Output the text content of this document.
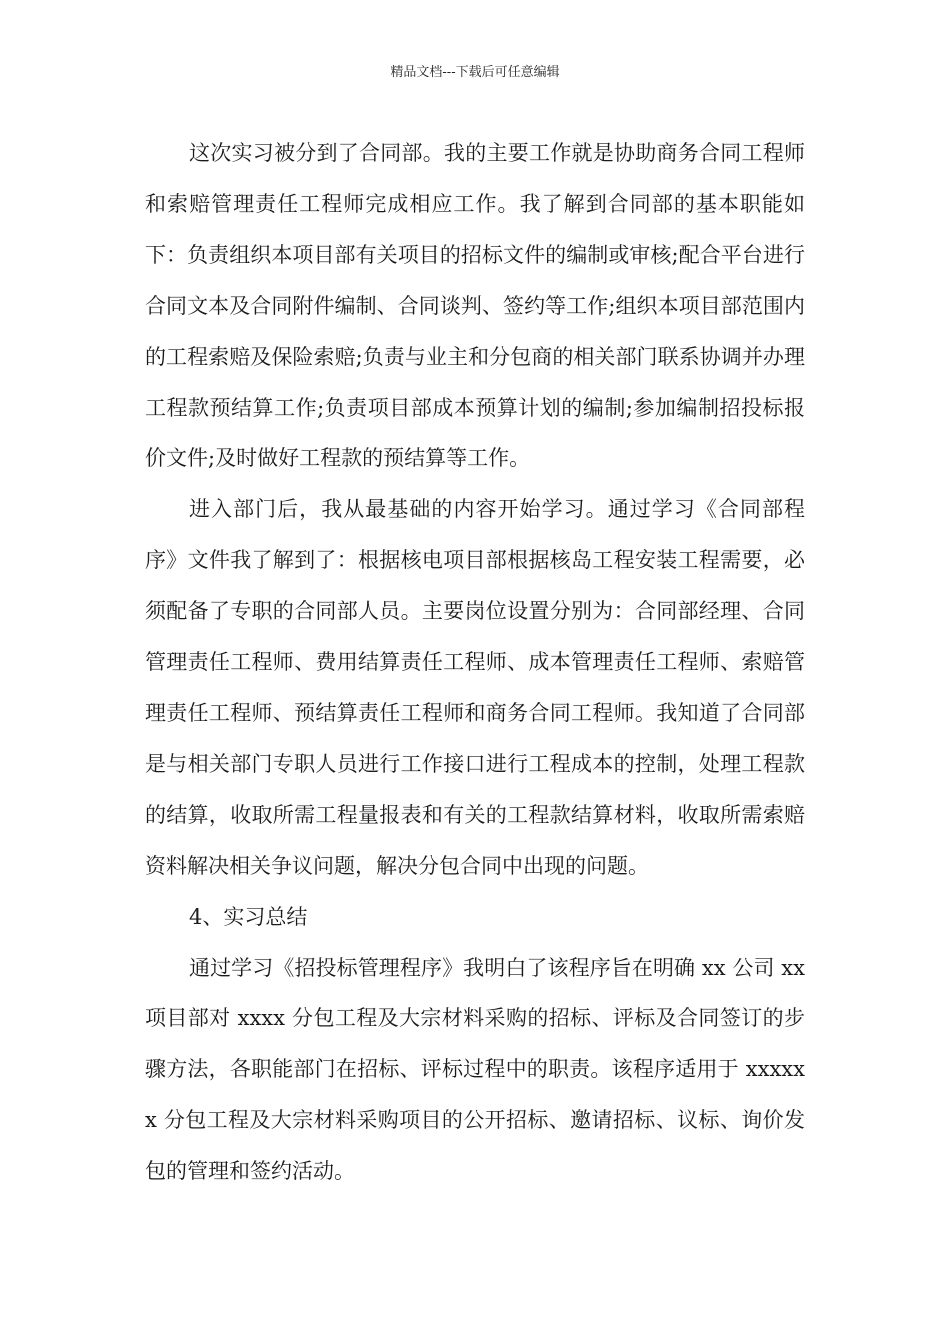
精品文档---下载后可任意编辑

这次实习被分到了合同部。我的主要工作就是协助商务合同工程师和索赔管理责任工程师完成相应工作。我了解到合同部的基本职能如下：负责组织本项目部有关项目的招标文件的编制或审核;配合平台进行合同文本及合同附件编制、合同谈判、签约等工作;组织本项目部范围内的工程索赔及保险索赔;负责与业主和分包商的相关部门联系协调并办理工程款预结算工作;负责项目部成本预算计划的编制;参加编制招投标报价文件;及时做好工程款的预结算等工作。

进入部门后，我从最基础的内容开始学习。通过学习《合同部程序》文件我了解到了：根据核电项目部根据核岛工程安装工程需要，必须配备了专职的合同部人员。主要岗位设置分别为：合同部经理、合同管理责任工程师、费用结算责任工程师、成本管理责任工程师、索赔管理责任工程师、预结算责任工程师和商务合同工程师。我知道了合同部是与相关部门专职人员进行工作接口进行工程成本的控制，处理工程款的结算，收取所需工程量报表和有关的工程款结算材料，收取所需索赔资料解决相关争议问题，解决分包合同中出现的问题。

4、实习总结

通过学习《招投标管理程序》我明白了该程序旨在明确 xx 公司 xx 项目部对 xxxx 分包工程及大宗材料采购的招标、评标及合同签订的步骤方法，各职能部门在招标、评标过程中的职责。该程序适用于 xxxxxx 分包工程及大宗材料采购项目的公开招标、邀请招标、议标、询价发包的管理和签约活动。
